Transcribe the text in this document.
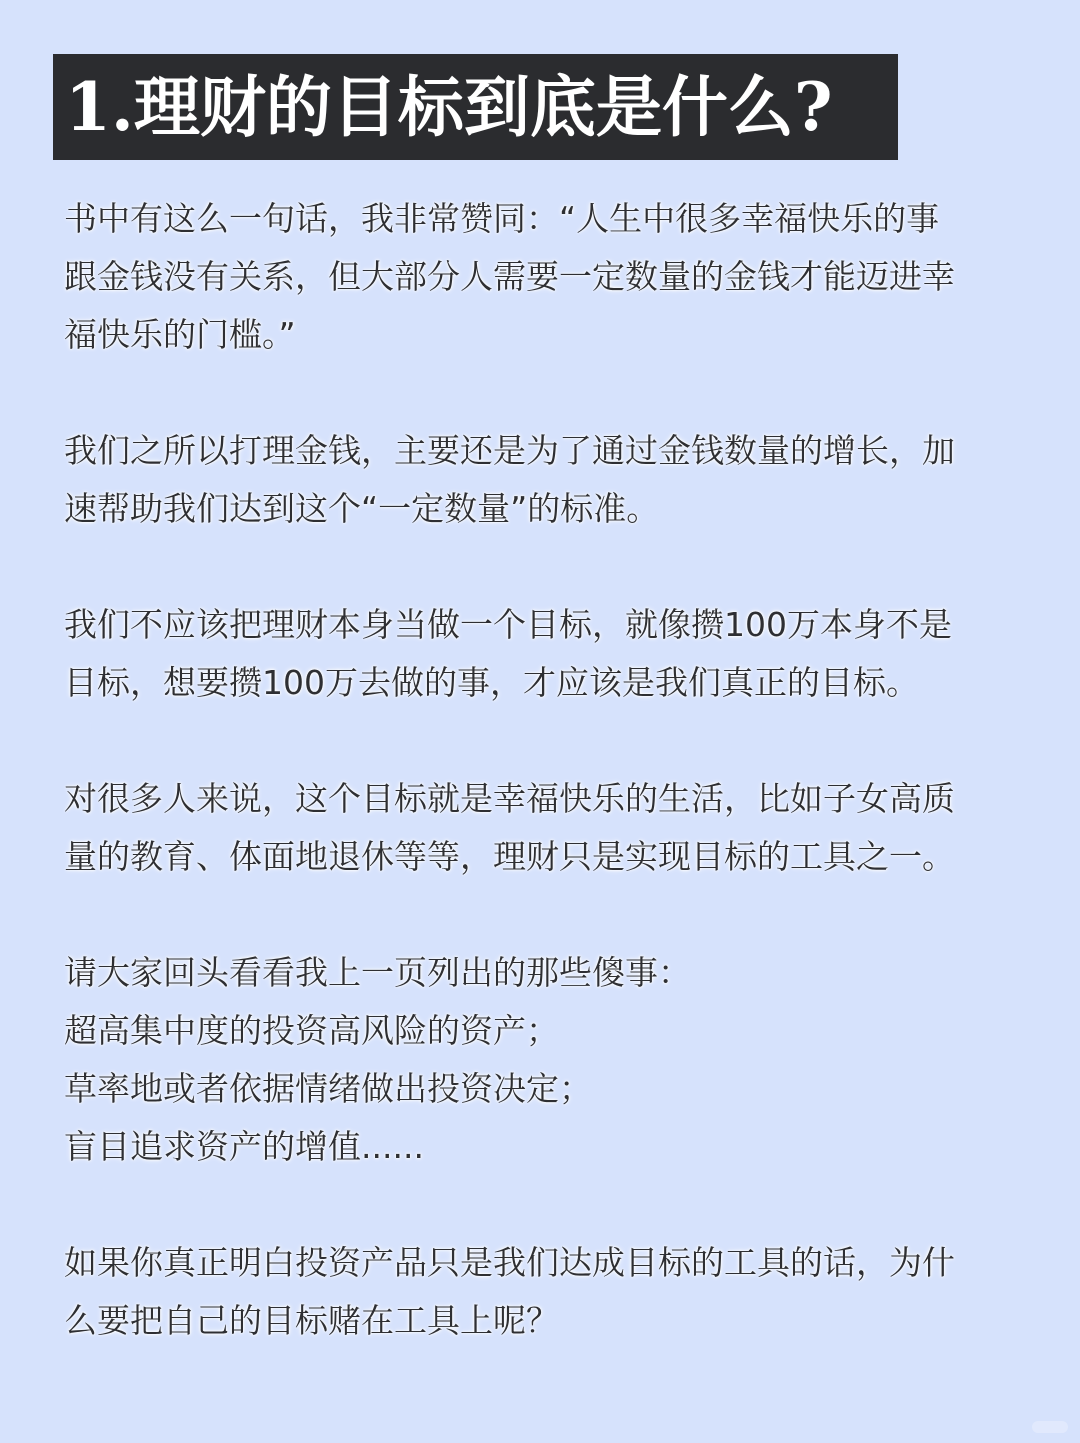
1.理财的目标到底是什么?
书中有这么一句话，我非常赞同：“人生中很多幸福快乐的事
跟金钱没有关系，但大部分人需要一定数量的金钱才能迈进幸
福快乐的门槛。”
我们之所以打理金钱，主要还是为了通过金钱数量的增长，加
速帮助我们达到这个“一定数量”的标准。
我们不应该把理财本身当做一个目标，就像攒100万本身不是
目标，想要攒100万去做的事，才应该是我们真正的目标。
对很多人来说，这个目标就是幸福快乐的生活，比如子女高质
量的教育、体面地退休等等，理财只是实现目标的工具之一。
请大家回头看看我上一页列出的那些傻事：
超高集中度的投资高风险的资产；
草率地或者依据情绪做出投资决定；
盲目追求资产的增值......
如果你真正明白投资产品只是我们达成目标的工具的话，为什
么要把自己的目标赌在工具上呢？
